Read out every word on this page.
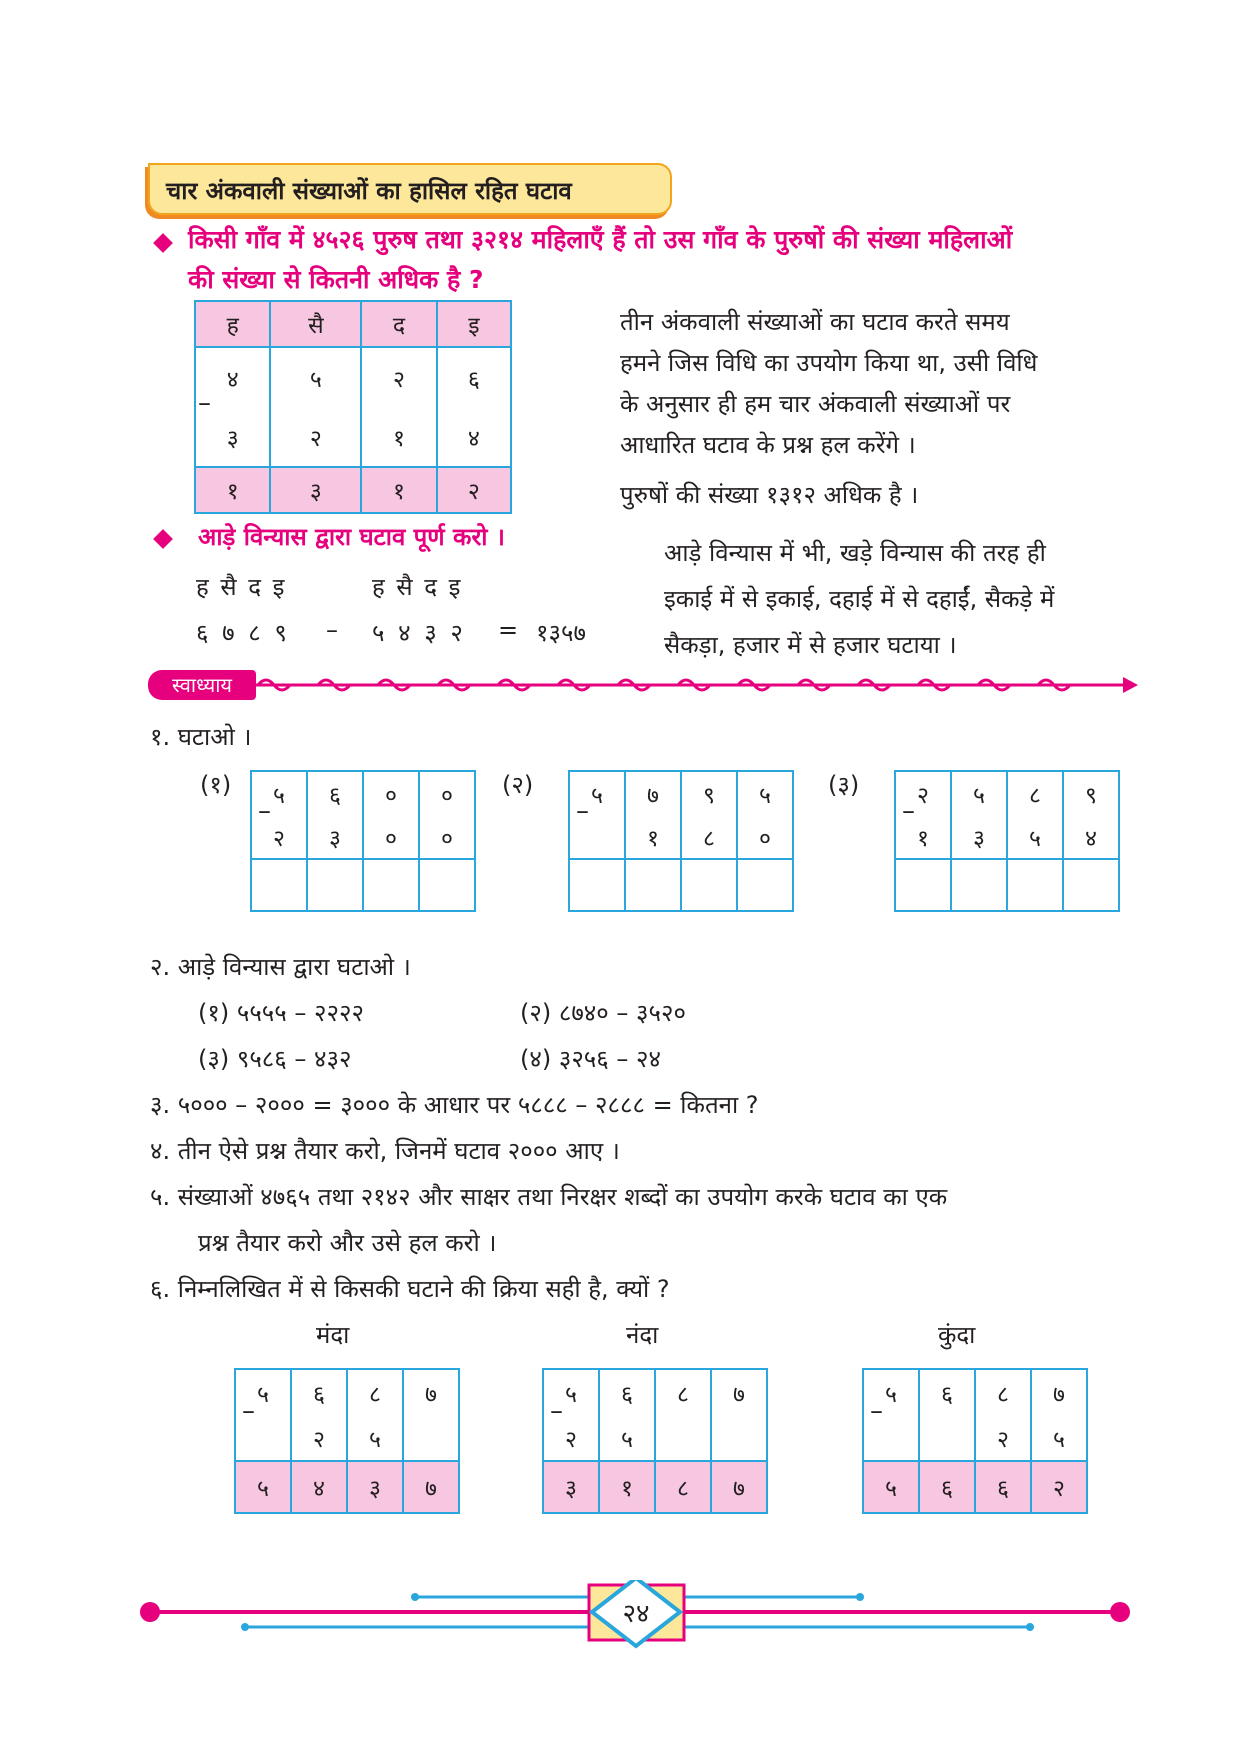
चार अंकवाली संख्याओं का हासिल रहित घटाव
किसी गाँव में ४५२६ पुरुष तथा ३२१४ महिलाएँ हैं तो उस गाँव के पुरुषों की संख्या महिलाओं
की संख्या से कितनी अधिक है ?
ह	सै	द	इ
४	५	२	६
३	२	१	४
१	३	१	२
–
तीन अंकवाली संख्याओं का घटाव करते समय
हमने जिस विधि का उपयोग किया था, उसी विधि
के अनुसार ही हम चार अंकवाली संख्याओं पर
आधारित घटाव के प्रश्न हल करेंगे ।
पुरुषों की संख्या १३१२ अधिक है ।
आड़े विन्यास द्वारा घटाव पूर्ण करो ।
ह सै द इ	ह सै द इ
६ ७ ८ ९ – ५ ४ ३ २ = १३५७
आड़े विन्यास में भी, खड़े विन्यास की तरह ही
इकाई में से इकाई, दहाई में से दहाईं, सैकड़े में
सैकड़ा, हजार में से हजार घटाया ।
स्वाध्याय
१. घटाओ ।
(१) ५	६	०	०
२	३	०	०

–
(२)	५	७	९	५
	१	८	०

–
(३)	२	५	८	९
१	३	५	४

–
२. आड़े विन्यास द्वारा घटाओ ।
(१) ५५५५ – २२२२	(२) ८७४० – ३५२०
(३) ९५८६ – ४३२	(४) ३२५६ – २४
३. ५००० – २००० = ३००० के आधार पर ५८८८ – २८८८ = कितना ?
४. तीन ऐसे प्रश्न तैयार करो, जिनमें घटाव २००० आए ।
५. संख्याओं ४७६५ तथा २१४२ और साक्षर तथा निरक्षर शब्दों का उपयोग करके घटाव का एक
प्रश्न तैयार करो और उसे हल करो ।
६. निम्नलिखित में से किसकी घटाने की क्रिया सही है, क्यों ?
मंदा
५	६	८	७
	२	५	
५	४	३	७
–
नंदा
५	६	८	७
२	५		
३	१	८	७
–
कुंदा
५	६	८	७
		२	५
५	६	६	२
–
२४
